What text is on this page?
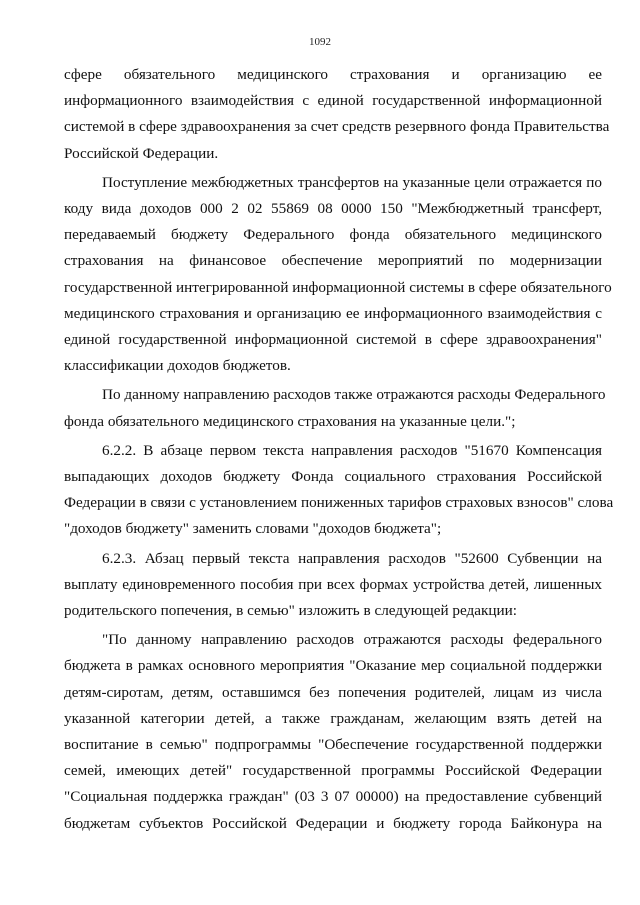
1092
сфере обязательного медицинского страхования и организацию ее
информационного взаимодействия с единой государственной информационной
системой в сфере здравоохранения за счет средств резервного фонда Правительства
Российской Федерации.
Поступление межбюджетных трансфертов на указанные цели отражается по
коду вида доходов 000 2 02 55869 08 0000 150 "Межбюджетный трансферт,
передаваемый бюджету Федерального фонда обязательного медицинского
страхования на финансовое обеспечение мероприятий по модернизации
государственной интегрированной информационной системы в сфере обязательного
медицинского страхования и организацию ее информационного взаимодействия с
единой государственной информационной системой в сфере здравоохранения"
классификации доходов бюджетов.
По данному направлению расходов также отражаются расходы Федерального
фонда обязательного медицинского страхования на указанные цели.";
6.2.2. В абзаце первом текста направления расходов "51670 Компенсация
выпадающих доходов бюджету Фонда социального страхования Российской
Федерации в связи с установлением пониженных тарифов страховых взносов" слова
"доходов бюджету" заменить словами "доходов бюджета";
6.2.3. Абзац первый текста направления расходов "52600 Субвенции на
выплату единовременного пособия при всех формах устройства детей, лишенных
родительского попечения, в семью" изложить в следующей редакции:
"По данному направлению расходов отражаются расходы федерального
бюджета в рамках основного мероприятия "Оказание мер социальной поддержки
детям-сиротам, детям, оставшимся без попечения родителей, лицам из числа
указанной категории детей, а также гражданам, желающим взять детей на
воспитание в семью" подпрограммы "Обеспечение государственной поддержки
семей, имеющих детей" государственной программы Российской Федерации
"Социальная поддержка граждан" (03 3 07 00000) на предоставление субвенций
бюджетам субъектов Российской Федерации и бюджету города Байконура на
